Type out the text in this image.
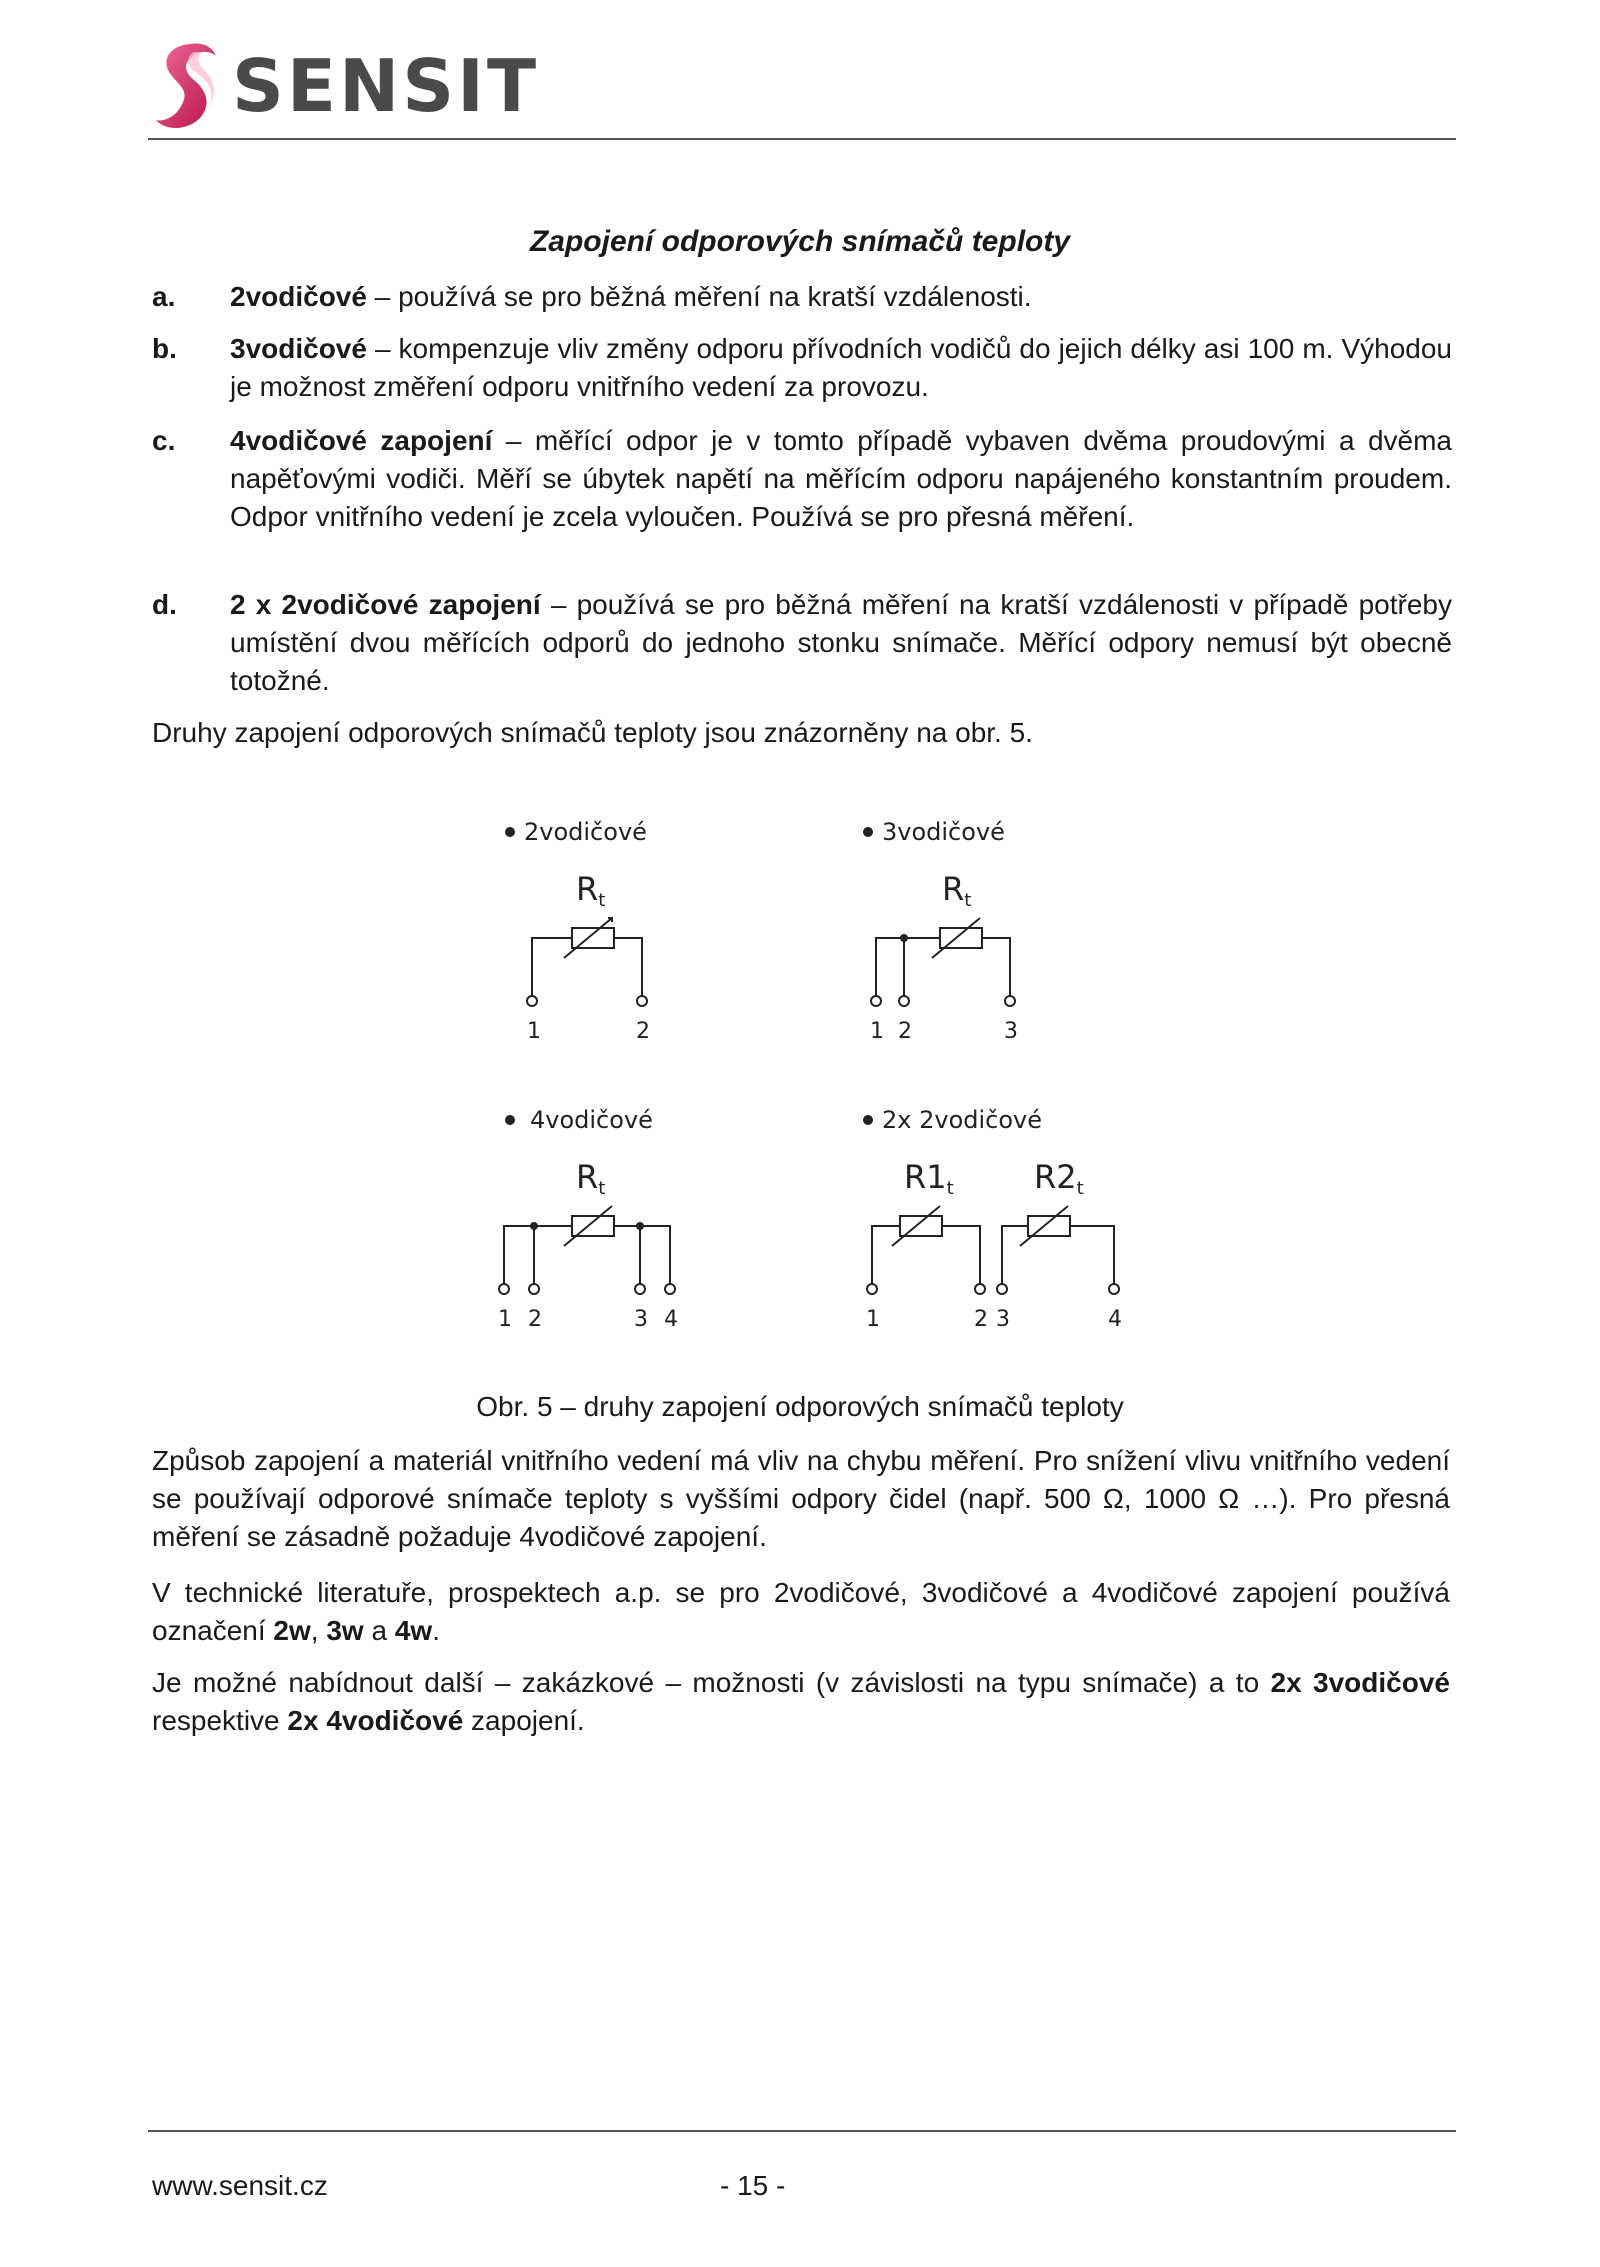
SENSIT
Zapojení odporových snímačů teploty
a. 2vodičové – používá se pro běžná měření na kratší vzdálenosti.
b. 3vodičové – kompenzuje vliv změny odporu přívodních vodičů do jejich délky asi 100 m. Výhodou je možnost změření odporu vnitřního vedení za provozu.
c. 4vodičové zapojení – měřící odpor je v tomto případě vybaven dvěma proudovými a dvěma napěťovými vodiči. Měří se úbytek napětí na měřícím odporu napájeného konstantním proudem. Odpor vnitřního vedení je zcela vyloučen. Používá se pro přesná měření.
d. 2 x 2vodičové zapojení – používá se pro běžná měření na kratší vzdálenosti v případě potřeby umístění dvou měřících odporů do jednoho stonku snímače. Měřící odpory nemusí být obecně totožné.
Druhy zapojení odporových snímačů teploty jsou znázorněny na obr. 5.
2vodičové
Rt
1	2
3vodičové
Rt
1 2	3
4vodičové
Rt
1 2	3 4
2x 2vodičové
R1t	R2t
1	2 3	4
Obr. 5 – druhy zapojení odporových snímačů teploty
Způsob zapojení a materiál vnitřního vedení má vliv na chybu měření. Pro snížení vlivu vnitřního vedení se používají odporové snímače teploty s vyššími odpory čidel (např. 500 Ω, 1000 Ω …). Pro přesná měření se zásadně požaduje 4vodičové zapojení.
V technické literatuře, prospektech a.p. se pro 2vodičové, 3vodičové a 4vodičové zapojení používá označení 2w, 3w a 4w.
Je možné nabídnout další – zakázkové – možnosti (v závislosti na typu snímače) a to 2x 3vodičové respektive 2x 4vodičové zapojení.
www.sensit.cz	- 15 -
